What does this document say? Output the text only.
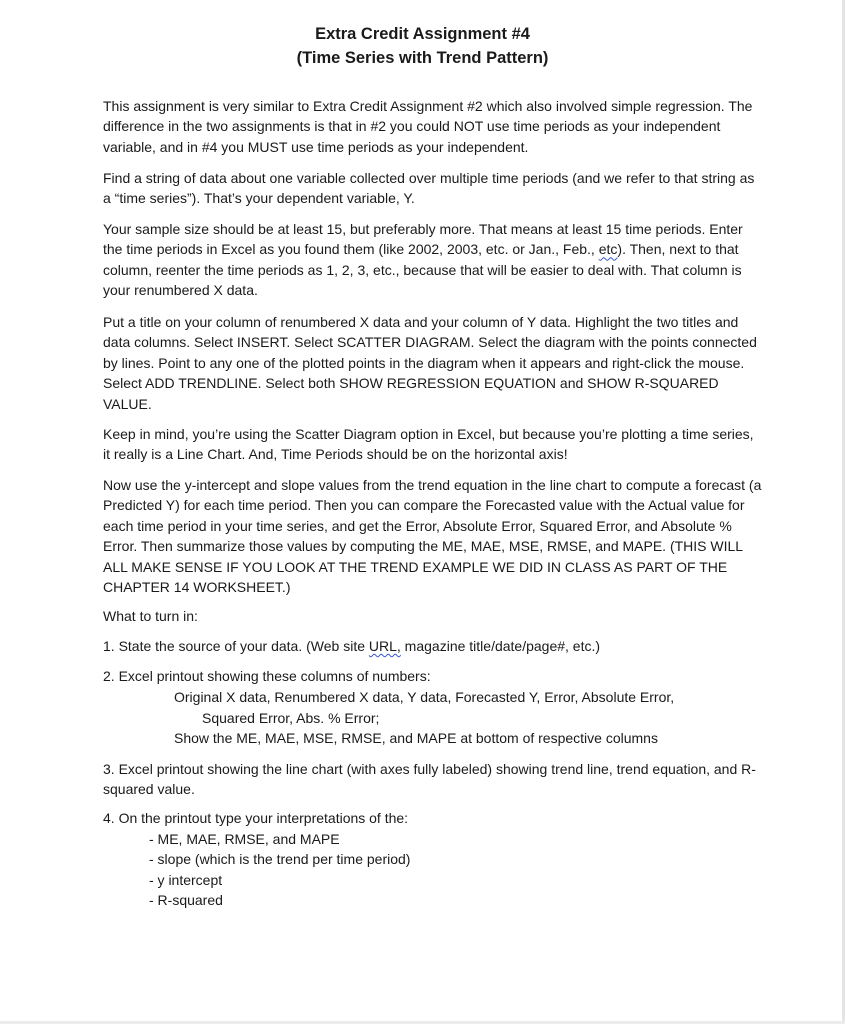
Extra Credit Assignment #4
(Time Series with Trend Pattern)

This assignment is very similar to Extra Credit Assignment #2 which also involved simple regression. The difference in the two assignments is that in #2 you could NOT use time periods as your independent variable, and in #4 you MUST use time periods as your independent.

Find a string of data about one variable collected over multiple time periods (and we refer to that string as a “time series”). That’s your dependent variable, Y.

Your sample size should be at least 15, but preferably more. That means at least 15 time periods. Enter the time periods in Excel as you found them (like 2002, 2003, etc. or Jan., Feb., etc). Then, next to that column, reenter the time periods as 1, 2, 3, etc., because that will be easier to deal with. That column is your renumbered X data.

Put a title on your column of renumbered X data and your column of Y data. Highlight the two titles and data columns. Select INSERT. Select SCATTER DIAGRAM. Select the diagram with the points connected by lines. Point to any one of the plotted points in the diagram when it appears and right-click the mouse. Select ADD TRENDLINE. Select both SHOW REGRESSION EQUATION and SHOW R-SQUARED VALUE.

Keep in mind, you’re using the Scatter Diagram option in Excel, but because you’re plotting a time series, it really is a Line Chart. And, Time Periods should be on the horizontal axis!

Now use the y-intercept and slope values from the trend equation in the line chart to compute a forecast (a Predicted Y) for each time period. Then you can compare the Forecasted value with the Actual value for each time period in your time series, and get the Error, Absolute Error, Squared Error, and Absolute % Error. Then summarize those values by computing the ME, MAE, MSE, RMSE, and MAPE. (THIS WILL ALL MAKE SENSE IF YOU LOOK AT THE TREND EXAMPLE WE DID IN CLASS AS PART OF THE CHAPTER 14 WORKSHEET.)

What to turn in:

1. State the source of your data. (Web site URL, magazine title/date/page#, etc.)

2. Excel printout showing these columns of numbers:

Original X data, Renumbered X data, Y data, Forecasted Y, Error, Absolute Error,

Squared Error, Abs. % Error;

Show the ME, MAE, MSE, RMSE, and MAPE at bottom of respective columns

3. Excel printout showing the line chart (with axes fully labeled) showing trend line, trend equation, and R-squared value.

4. On the printout type your interpretations of the:

- ME, MAE, RMSE, and MAPE

- slope (which is the trend per time period)

- y intercept

- R-squared
